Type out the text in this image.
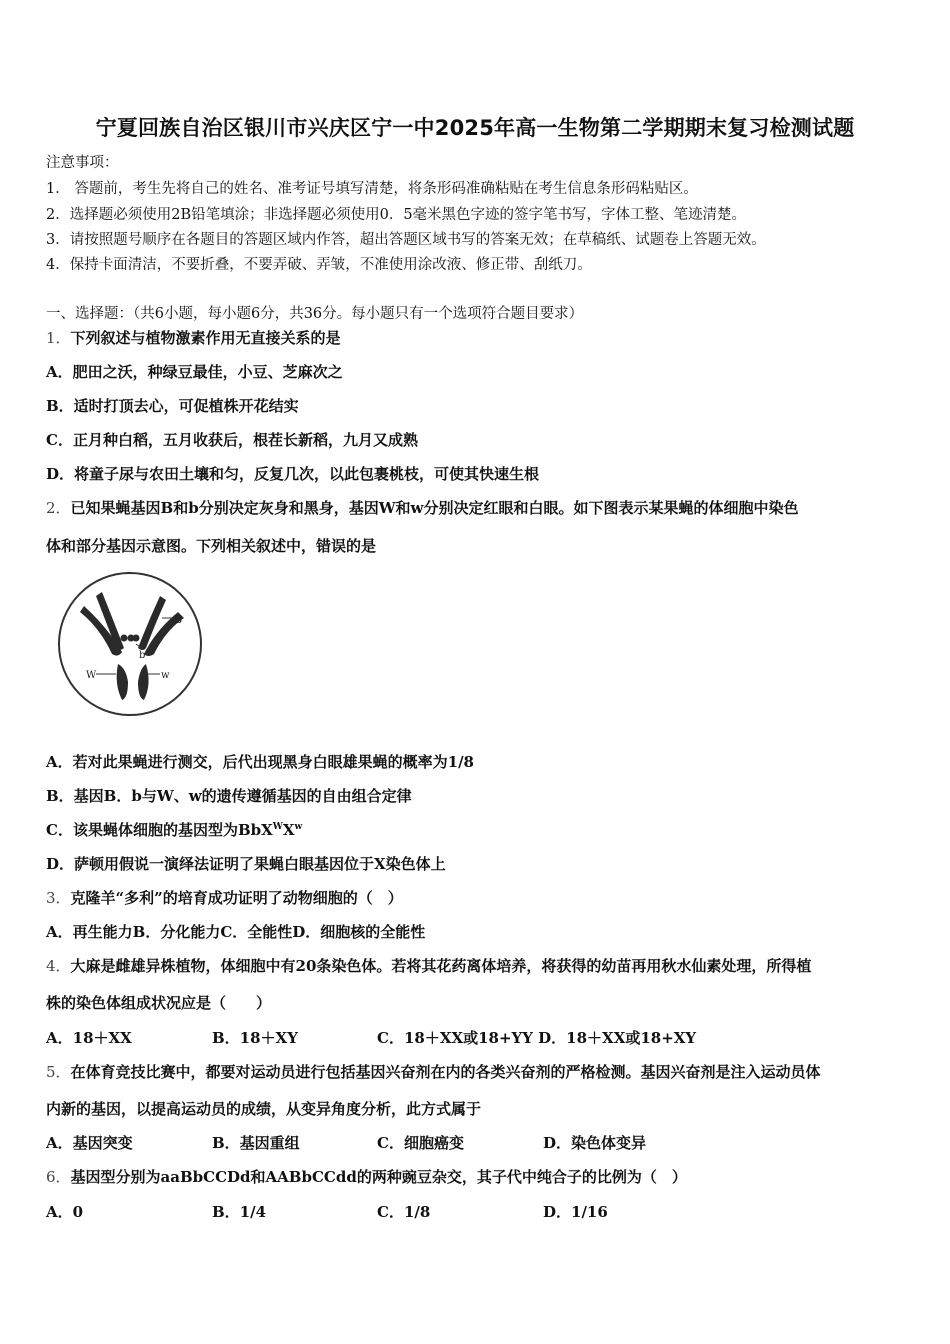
宁夏回族自治区银川市兴庆区宁一中2025年高一生物第二学期期末复习检测试题
注意事项：
1． 答题前，考生先将自己的姓名、准考证号填写清楚，将条形码准确粘贴在考生信息条形码粘贴区。
2．选择题必须使用2B铅笔填涂；非选择题必须使用0．5毫米黑色字迹的签字笔书写，字体工整、笔迹清楚。
3．请按照题号顺序在各题目的答题区域内作答，超出答题区域书写的答案无效；在草稿纸、试题卷上答题无效。
4．保持卡面清洁，不要折叠，不要弄破、弄皱，不准使用涂改液、修正带、刮纸刀。
一、选择题：（共6小题，每小题6分，共36分。每小题只有一个选项符合题目要求）
1．下列叙述与植物激素作用无直接关系的是
A．肥田之沃，种绿豆最佳，小豆、芝麻次之
B．适时打顶去心，可促植株开花结实
C．正月种白稻，五月收获后，根茬长新稻，九月又成熟
D．将童子尿与农田土壤和匀，反复几次，以此包裹桃枝，可使其快速生根
2．已知果蝇基因B和b分别决定灰身和黑身，基因W和w分别决定红眼和白眼。如下图表示某果蝇的体细胞中染色
体和部分基因示意图。下列相关叙述中，错误的是
B
b
W	w
A．若对此果蝇进行测交，后代出现黑身白眼雄果蝇的概率为1/8
B．基因B．b与W、w的遗传遵循基因的自由组合定律
C．该果蝇体细胞的基因型为$BbX^WX^w$
D．萨顿用假说一演绎法证明了果蝇白眼基因位于X染色体上
3．克隆羊“多利”的培育成功证明了动物细胞的（　）
A．再生能力B．分化能力C．全能性D．细胞核的全能性
4．大麻是雌雄异株植物，体细胞中有20条染色体。若将其花药离体培养，将获得的幼苗再用秋水仙素处理，所得植
株的染色体组成状况应是（　　）
A．18＋XX	B．18＋XY	C．18＋XX或18+YY D．18＋XX或18+XY
5．在体育竞技比赛中，都要对运动员进行包括基因兴奋剂在内的各类兴奋剂的严格检测。基因兴奋剂是注入运动员体
内新的基因，以提高运动员的成绩，从变异角度分析，此方式属于
A．基因突变	B．基因重组	C．细胞癌变	D．染色体变异
6．基因型分别为aaBbCCDd和AABbCCdd的两种豌豆杂交，其子代中纯合子的比例为（　）
A．0	B．1/4	C．1/8	D．1/16
